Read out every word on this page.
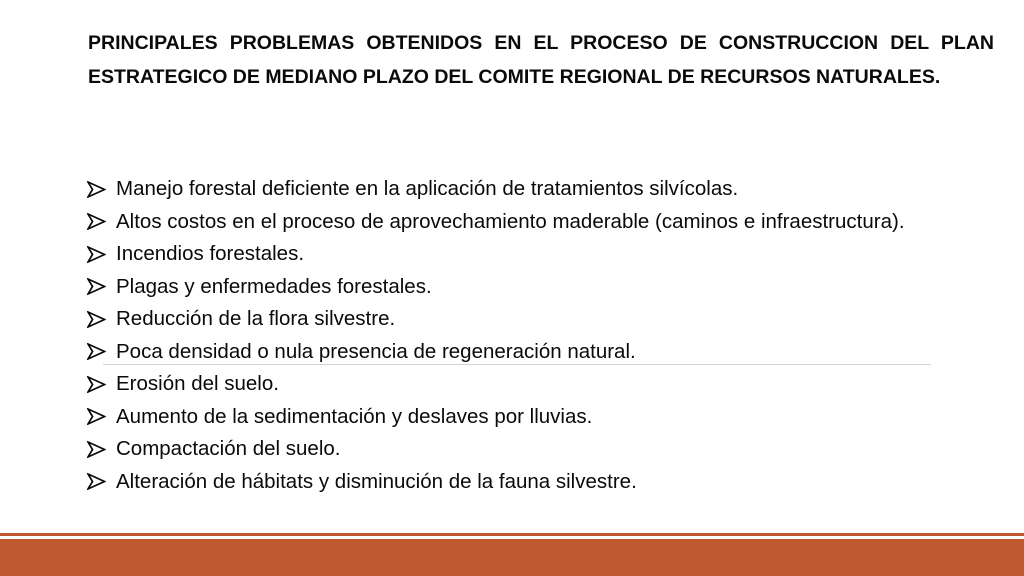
PRINCIPALES PROBLEMAS OBTENIDOS EN EL PROCESO DE CONSTRUCCION DEL PLAN ESTRATEGICO DE MEDIANO PLAZO DEL COMITE REGIONAL DE RECURSOS NATURALES.

Manejo forestal deficiente en la aplicación de tratamientos silvícolas.
Altos costos en el proceso de aprovechamiento maderable (caminos e infraestructura).
Incendios forestales.
Plagas y enfermedades forestales.
Reducción de la flora silvestre.
Poca densidad o nula presencia de regeneración natural.
Erosión del suelo.
Aumento de la sedimentación y deslaves por lluvias.
Compactación del suelo.
Alteración de hábitats y disminución de la fauna silvestre.
